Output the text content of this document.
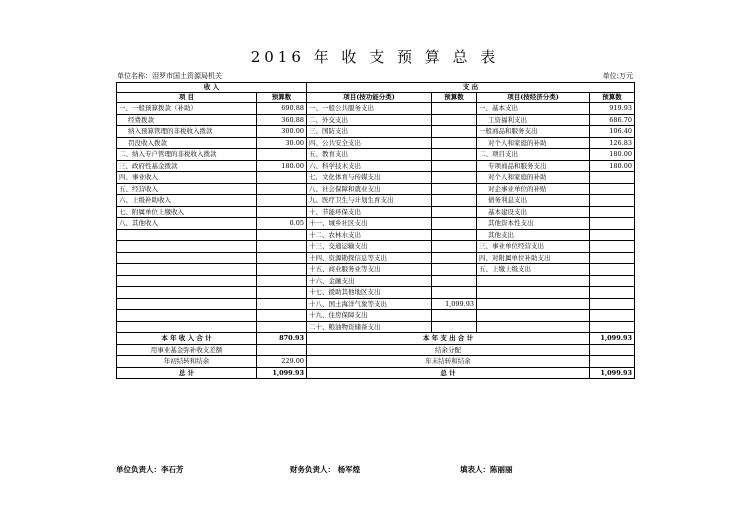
2016 年 收 支 预 算 总 表
单位名称：泪罗市国土资源局机关	单位:万元
收 入		支 出			
项 目	预算数	项目(按功能分类)	预算数	项目(按经济分类)	预算数
一、一般预算拨款（补助）	690.88	一、一般公共服务支出		一、基本支出	919.93
经费拨款	360.88	二、外交支出		工资福利支出	686.70
纳入预算管理的非税收入拨款	300.00	三、国防支出		一般商品和服务支出	106.40
罚没收入拨款	30.00	四、公共安全支出		对个人和家庭的补助	126.83
二、纳入专户管理的非税收入拨款		五、教育支出		二、项目支出	180.00
三、政府性基金拨款	180.00	六、科学技术支出		专项商品和服务支出	180.00
四、事业收入		七、文化体育与传媒支出		对个人和家庭的补助	
五、经营收入		八、社会保障和就业支出		对企事业单位的补贴	
六、上级补助收入		九、医疗卫生与计划生育支出		债务利息支出	
七、附属单位上缴收入		十、节能环保支出		基本建设支出	
八、其他收入	0.05	十一、城乡社区支出		其他资本性支出	
		十二、农林水支出		其他支出	
		十三、交通运输支出		三、事业单位经营支出	
		十四、资源勘探信息等支出		四、对附属单位补助支出	
		十五、商业服务业等支出		五、上缴上级支出	
		十六、金融支出			
		十七、援助其他地区支出			
		十八、国土海洋气象等支出	1,099.93		
		十九、住房保障支出			
		二十、粮油物资储备支出			
本 年 收 入 合 计	870.93	本 年 支 出 合 计			1,099.93
用事业基金弥补收支差额		结余分配			
年初结转和结余	229.00	年末结转和结余			
总 计	1,099.93	总 计			1,099.93
单位负责人：李石芳	财务负责人： 杨军煌	填表人：陈丽丽
